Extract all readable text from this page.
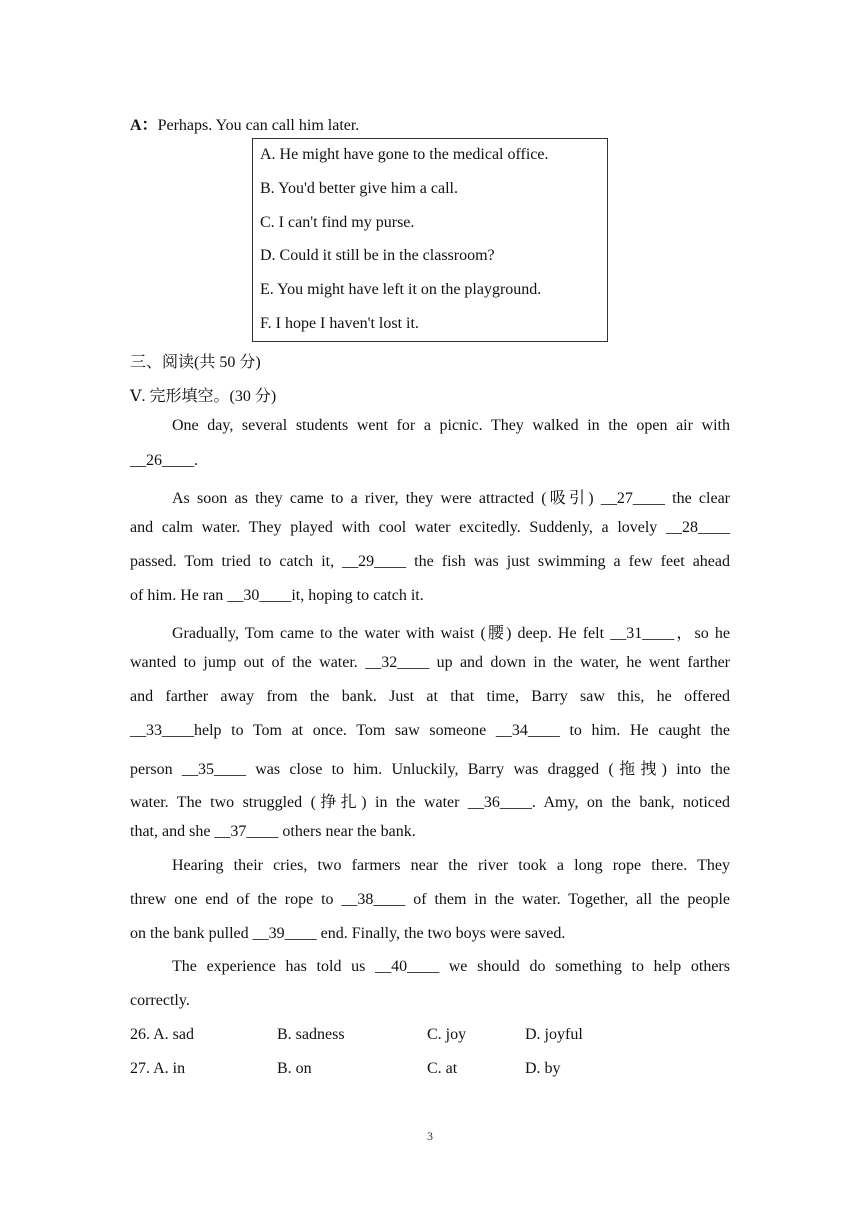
A：Perhaps. You can call him later.
A. He might have gone to the medical office.
B. You'd better give him a call.
C. I can't find my purse.
D. Could it still be in the classroom?
E. You might have left it on the playground.
F. I hope I haven't lost it.
三、阅读(共 50 分)
Ⅴ. 完形填空。(30 分)
One day, several students went for a picnic. They walked in the open air with
__26____.
As soon as they came to a river, they were attracted (吸引) __27____ the clear
and calm water. They played with cool water excitedly. Suddenly, a lovely __28____
passed. Tom tried to catch it, __29____ the fish was just swimming a few feet ahead
of him. He ran __30____it, hoping to catch it.
Gradually, Tom came to the water with waist (腰) deep. He felt __31____，so he
wanted to jump out of the water. __32____ up and down in the water, he went farther
and farther away from the bank. Just at that time, Barry saw this, he offered
__33____help to Tom at once. Tom saw someone __34____ to him. He caught the
person __35____ was close to him. Unluckily, Barry was dragged (拖拽) into the
water. The two struggled (挣扎) in the water __36____. Amy, on the bank, noticed
that, and she __37____ others near the bank.
Hearing their cries, two farmers near the river took a long rope there. They
threw one end of the rope to __38____ of them in the water. Together, all the people
on the bank pulled __39____ end. Finally, the two boys were saved.
The experience has told us __40____ we should do something to help others
correctly.
26. A. sad	B. sadness	C. joy	D. joyful
27. A. in	B. on	C. at	D. by
3
